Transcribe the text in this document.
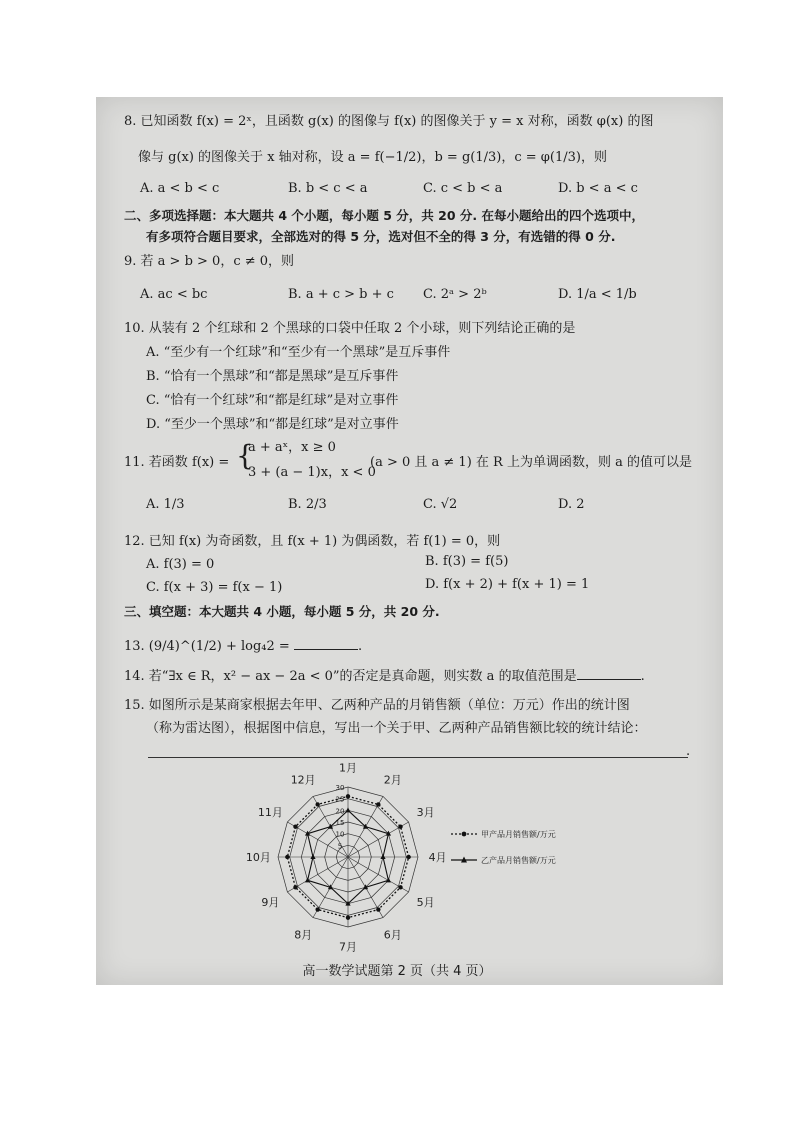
8. 已知函数 f(x) = 2ˣ，且函数 g(x) 的图像与 f(x) 的图像关于 y = x 对称，函数 φ(x) 的图
像与 g(x) 的图像关于 x 轴对称，设 a = f(−1/2)，b = g(1/3)，c = φ(1/3)，则
A. a < b < c	B. b < c < a	C. c < b < a	D. b < a < c
二、多项选择题：本大题共 4 个小题，每小题 5 分，共 20 分. 在每小题给出的四个选项中，
有多项符合题目要求，全部选对的得 5 分，选对但不全的得 3 分，有选错的得 0 分.
9. 若 a > b > 0，c ≠ 0，则
A. ac < bc	B. a + c > b + c C. 2ᵃ > 2ᵇ	D. 1/a < 1/b
10. 从装有 2 个红球和 2 个黑球的口袋中任取 2 个小球，则下列结论正确的是
A. “至少有一个红球”和“至少有一个黑球”是互斥事件
B. “恰有一个黑球”和“都是黑球”是互斥事件
C. “恰有一个红球”和“都是红球”是对立事件
D. “至少一个黑球”和“都是红球”是对立事件
11. 若函数 f(x) = {
a + aˣ，x ≥ 0
3 + (a − 1)x，x < 0
(a > 0 且 a ≠ 1) 在 R 上为单调函数，则 a 的值可以是
A. 1/3	B. 2/3	C. √2	D. 2
12. 已知 f(x) 为奇函数，且 f(x + 1) 为偶函数，若 f(1) = 0，则
A. f(3) = 0	B. f(3) = f(5)
C. f(x + 3) = f(x − 1)	D. f(x + 2) + f(x + 1) = 1
三、填空题：本大题共 4 小题，每小题 5 分，共 20 分.
13. (9/4)^(1/2) + log₄2 =	.
14. 若“∃x ∈ R，x² − ax − 2a < 0”的否定是真命题，则实数 a 的取值范围是	.
15. 如图所示是某商家根据去年甲、乙两种产品的月销售额（单位：万元）作出的统计图
（称为雷达图），根据图中信息，写出一个关于甲、乙两种产品销售额比较的统计结论：
.
5
10
15
20
25
30
1月
2月
3月
4月
5月
6月
7月
8月
9月
10月
11月
12月
甲产品月销售额/万元
乙产品月销售额/万元
高一数学试题第 2 页（共 4 页）
